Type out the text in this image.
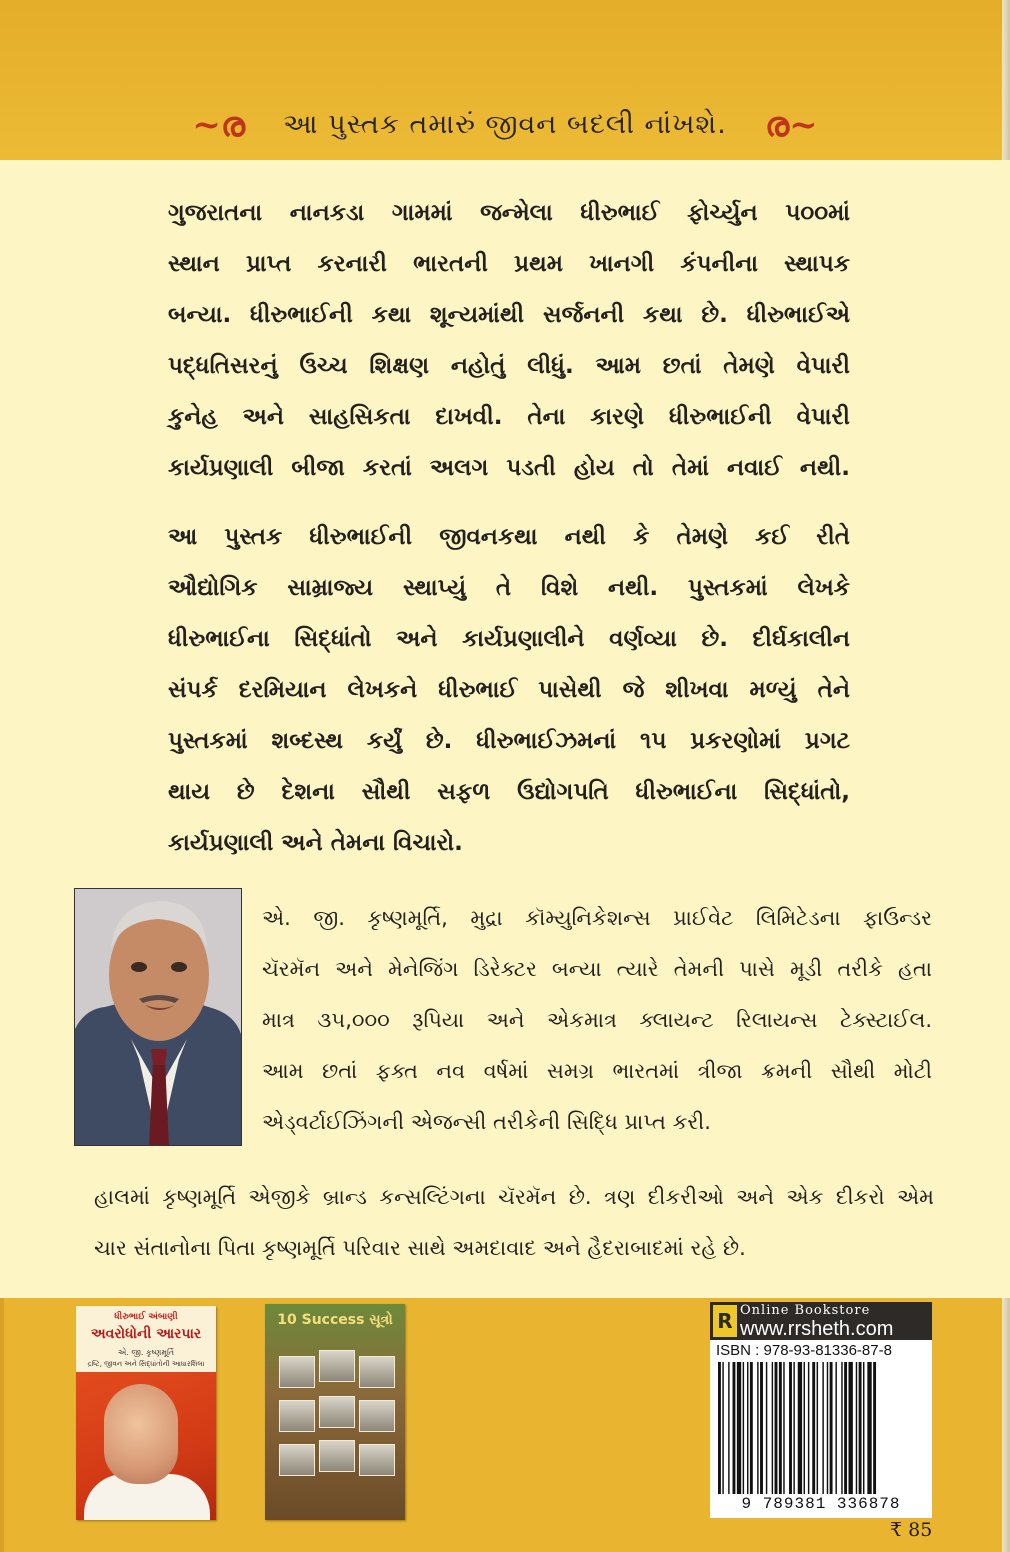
~ര આ પુસ્તક તમારું જીવન બદલી નાંખશે. ര~
ગુજરાતના નાનકડા ગામમાં જન્મેલા ધીરુભાઈ ફોર્ચ્યુન ૫૦૦માં
સ્થાન પ્રાપ્ત કરનારી ભારતની પ્રથમ ખાનગી કંપનીના સ્થાપક
બન્યા. ધીરુભાઈની કથા શૂન્યમાંથી સર્જનની કથા છે. ધીરુભાઈએ
પદ્ધતિસરનું ઉચ્ચ શિક્ષણ નહોતું લીધું. આમ છતાં તેમણે વેપારી
કુનેહ અને સાહસિકતા દાખવી. તેના કારણે ધીરુભાઈની વેપારી
કાર્યપ્રણાલી બીજા કરતાં અલગ પડતી હોય તો તેમાં નવાઈ નથી.
આ પુસ્તક ધીરુભાઈની જીવનકથા નથી કે તેમણે કઈ રીતે
ઔદ્યોગિક સામ્રાજ્ય સ્થાપ્યું તે વિશે નથી. પુસ્તકમાં લેખકે
ધીરુભાઈના સિદ્ધાંતો અને કાર્યપ્રણાલીને વર્ણવ્યા છે. દીર્ઘકાલીન
સંપર્ક દરમિયાન લેખકને ધીરુભાઈ પાસેથી જે શીખવા મળ્યું તેને
પુસ્તકમાં શબ્દસ્થ કર્યું છે. ધીરુભાઈઝમનાં ૧૫ પ્રકરણોમાં પ્રગટ
થાય છે દેશના સૌથી સફળ ઉદ્યોગપતિ ધીરુભાઈના સિદ્ધાંતો,
કાર્યપ્રણાલી અને તેમના વિચારો.
એ. જી. કૃષ્ણમૂર્તિ, મુદ્રા કૉમ્યુનિકેશન્સ પ્રાઈવેટ લિમિટેડના ફાઉન્ડર
ચૅરમૅન અને મેનેજિંગ ડિરેક્ટર બન્યા ત્યારે તેમની પાસે મૂડી તરીકે હતા
માત્ર ૩૫,૦૦૦ રૂપિયા અને એકમાત્ર ક્લાયન્ટ રિલાયન્સ ટેક્સ્ટાઈલ.
આમ છતાં ફક્ત નવ વર્ષમાં સમગ્ર ભારતમાં ત્રીજા ક્રમની સૌથી મોટી
એડ્વર્ટાઈઝિંગની એજન્સી તરીકેની સિદ્ધિ પ્રાપ્ત કરી.
હાલમાં કૃષ્ણમૂર્તિ એજીકે બ્રાન્ડ કન્સલ્ટિંગના ચૅરમૅન છે. ત્રણ દીકરીઓ અને એક દીકરો એમ
ચાર સંતાનોના પિતા કૃષ્ણમૂર્તિ પરિવાર સાથે અમદાવાદ અને હૈદરાબાદમાં રહે છે.
ધીરુભાઈ અંબાણી
અવરોધોની આરપાર
એ. જી. કૃષ્ણમૂર્તિ
દ્રષ્ટિ, જીવન અને સિદ્ધાંતોની આધારશિલા
10 Success સૂત્રો	R Online Bookstore
www.rrsheth.com
ISBN : 978-93-81336-87-8
9 789381 336878
₹ 85
